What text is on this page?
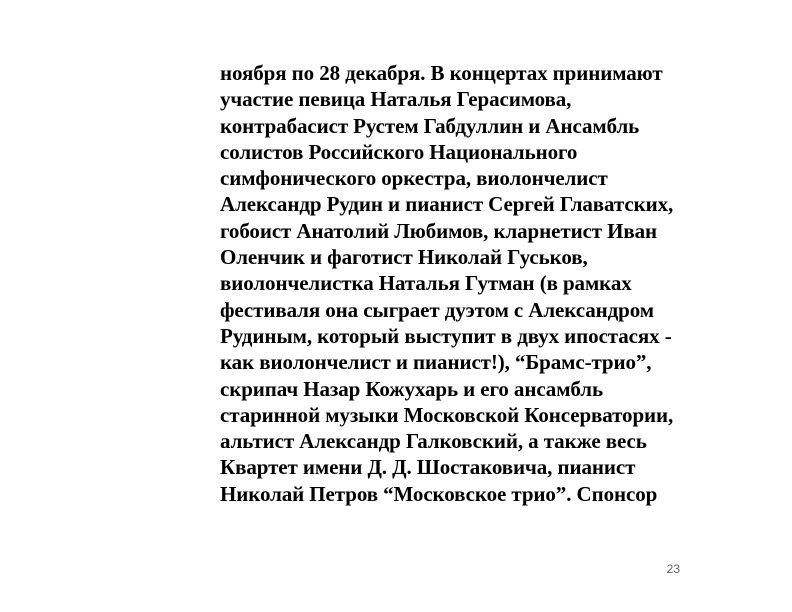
ноября по 28 декабря. В концертах принимают
участие певица Наталья Герасимова,
контрабасист Рустем Габдуллин и Ансамбль
солистов Российского Национального
симфонического оркестра, виолончелист
Александр Рудин и пианист Сергей Главатских,
гобоист Анатолий Любимов, кларнетист Иван
Оленчик и фаготист Николай Гуськов,
виолончелистка Наталья Гутман (в рамках
фестиваля она сыграет дуэтом с Александром
Рудиным, который выступит в двух ипостасях -
как виолончелист и пианист!), “Брамс-трио”,
скрипач Назар Кожухарь и его ансамбль
старинной музыки Московской Консерватории,
альтист Александр Галковский, а также весь
Квартет имени Д. Д. Шостаковича, пианист
Николай Петров “Московское трио”. Спонсор
23
